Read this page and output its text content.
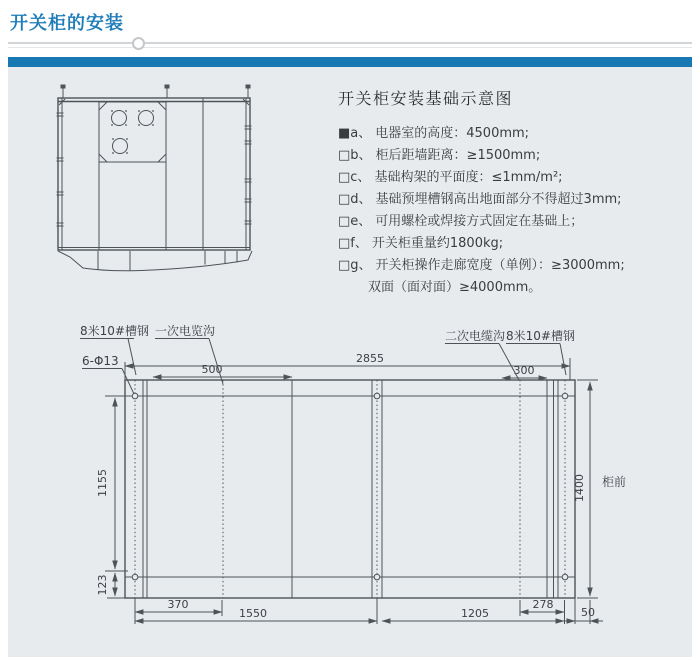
开关柜的安装
开关柜安装基础示意图
■a、 电器室的高度：4500mm;
□b、 柜后距墙距离：≥1500mm;
□c、 基础构架的平面度：≤1mm/m²;
□d、 基础预埋槽钢高出地面部分不得超过3mm;
□e、 可用螺栓或焊接方式固定在基础上；
□f、 开关柜重量约1800kg;
□g、 开关柜操作走廊宽度（单例）：≥3000mm;
双面（面对面）≥4000mm。
2855
500	300
8米10#槽钢 一次电览沟
6-Φ13
二次电缆沟 8米10#槽钢
1155
123
1400 柜前
370	278
1550	1205	50
